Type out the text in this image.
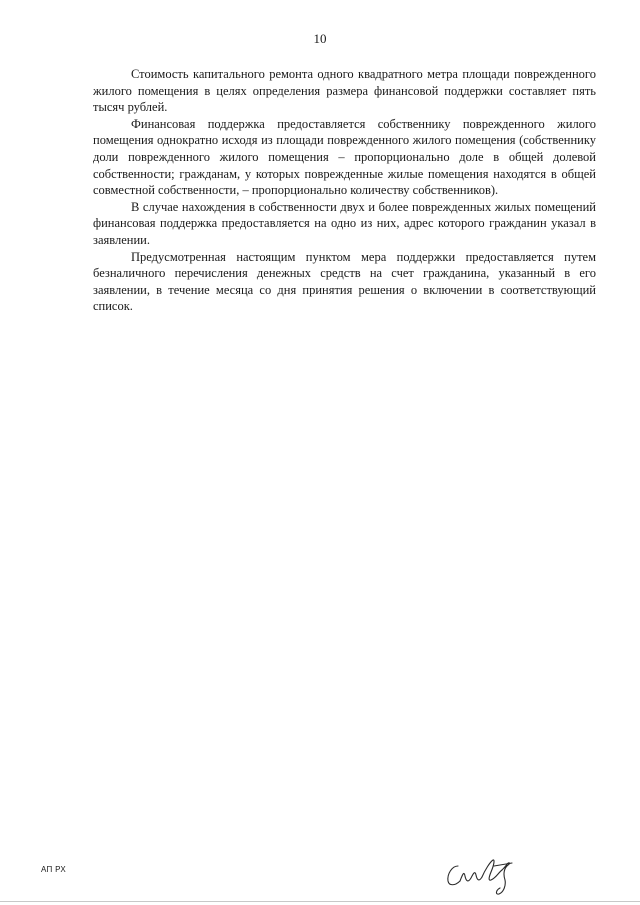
10

Стоимость капитального ремонта одного квадратного метра площади поврежденного жилого помещения в целях определения размера финансовой поддержки составляет пять тысяч рублей.

Финансовая поддержка предоставляется собственнику поврежденного жилого помещения однократно исходя из площади поврежденного жилого помещения (собственнику доли поврежденного жилого помещения – пропорционально доле в общей долевой собственности; гражданам, у которых поврежденные жилые помещения находятся в общей совместной собственности, – пропорционально количеству собственников).

В случае нахождения в собственности двух и более поврежденных жилых помещений финансовая поддержка предоставляется на одно из них, адрес которого гражданин указал в заявлении.

Предусмотренная настоящим пунктом мера поддержки предоставляется путем безналичного перечисления денежных средств на счет гражданина, указанный в его заявлении, в течение месяца со дня принятия решения о включении в соответствующий список.

АП РХ
